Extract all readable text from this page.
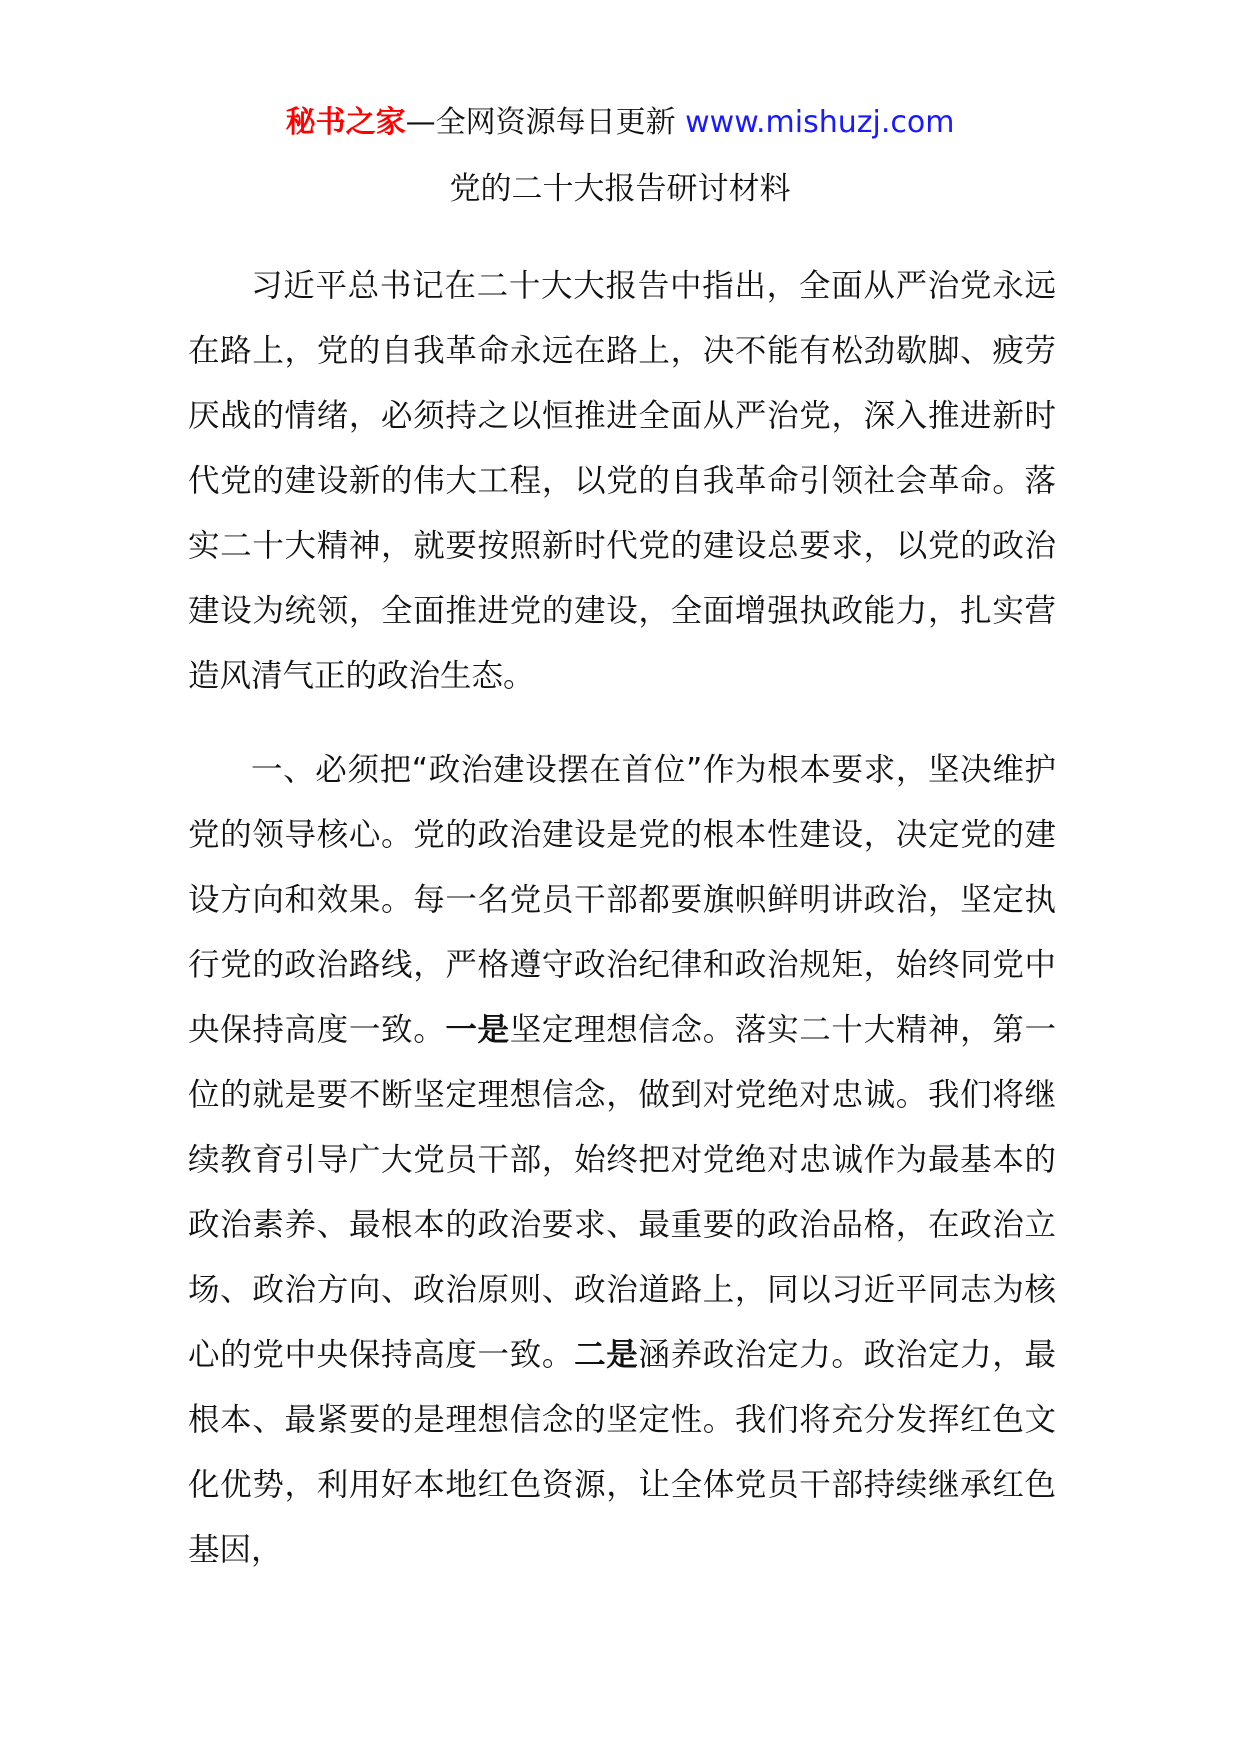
秘书之家—全网资源每日更新 www.mishuzj.com
党的二十大报告研讨材料

习近平总书记在二十大大报告中指出，全面从严治党永远在路上，党的自我革命永远在路上，决不能有松劲歇脚、疲劳厌战的情绪，必须持之以恒推进全面从严治党，深入推进新时代党的建设新的伟大工程，以党的自我革命引领社会革命。落实二十大精神，就要按照新时代党的建设总要求，以党的政治建设为统领，全面推进党的建设，全面增强执政能力，扎实营造风清气正的政治生态。

一、必须把“政治建设摆在首位”作为根本要求，坚决维护党的领导核心。党的政治建设是党的根本性建设，决定党的建设方向和效果。每一名党员干部都要旗帜鲜明讲政治，坚定执行党的政治路线，严格遵守政治纪律和政治规矩，始终同党中央保持高度一致。一是坚定理想信念。落实二十大精神，第一位的就是要不断坚定理想信念，做到对党绝对忠诚。我们将继续教育引导广大党员干部，始终把对党绝对忠诚作为最基本的政治素养、最根本的政治要求、最重要的政治品格，在政治立场、政治方向、政治原则、政治道路上，同以习近平同志为核心的党中央保持高度一致。二是涵养政治定力。政治定力，最根本、最紧要的是理想信念的坚定性。我们将充分发挥红色文化优势，利用好本地红色资源，让全体党员干部持续继承红色基因，
